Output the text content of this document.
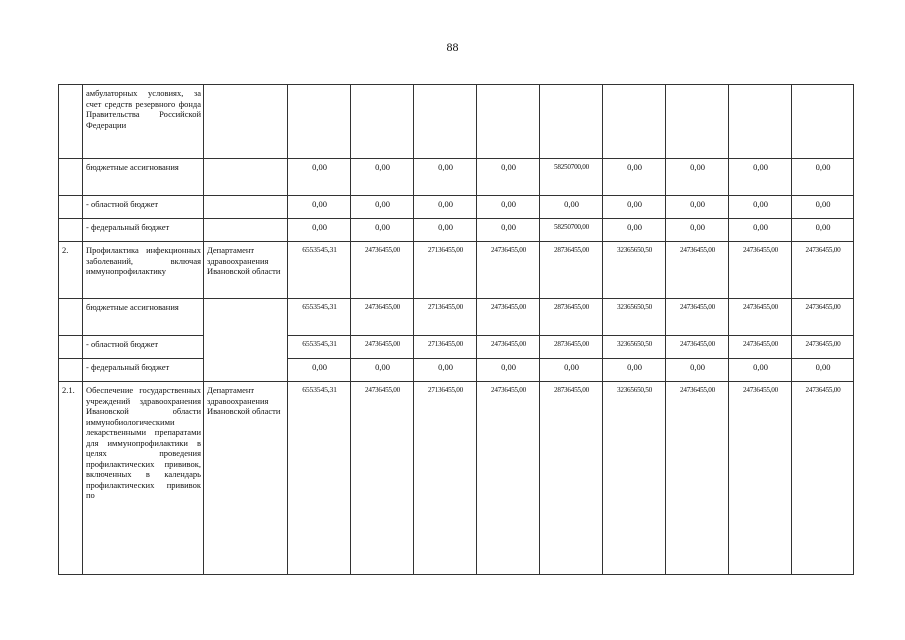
88
	амбулаторных условиях, за счет средств резервного фонда Правительства Российской Федерации										
	бюджетные ассигнования		0,00	0,00	0,00	0,00	58250700,00	0,00	0,00	0,00	0,00
	- областной бюджет		0,00	0,00	0,00	0,00	0,00	0,00	0,00	0,00	0,00
	- федеральный бюджет		0,00	0,00	0,00	0,00	58250700,00	0,00	0,00	0,00	0,00
2.	Профилактика инфекционных заболеваний, включая иммунопрофилактику	Департамент здравоохранения Ивановской области	6553545,31	24736455,00	27136455,00	24736455,00	28736455,00	32365650,50	24736455,00	24736455,00	24736455,00
	бюджетные ассигнования		6553545,31	24736455,00	27136455,00	24736455,00	28736455,00	32365650,50	24736455,00	24736455,00	24736455,00
	- областной бюджет		6553545,31	24736455,00	27136455,00	24736455,00	28736455,00	32365650,50	24736455,00	24736455,00	24736455,00
	- федеральный бюджет		0,00	0,00	0,00	0,00	0,00	0,00	0,00	0,00	0,00
2.1.	Обеспечение государственных учреждений здравоохранения Ивановской области иммунобиологическими лекарственными препаратами для иммунопрофилактики в целях проведения профилактических прививок, включенных в календарь профилактических прививок по	Департамент здравоохранения Ивановской области	6553545,31	24736455,00	27136455,00	24736455,00	28736455,00	32365650,50	24736455,00	24736455,00	24736455,00
